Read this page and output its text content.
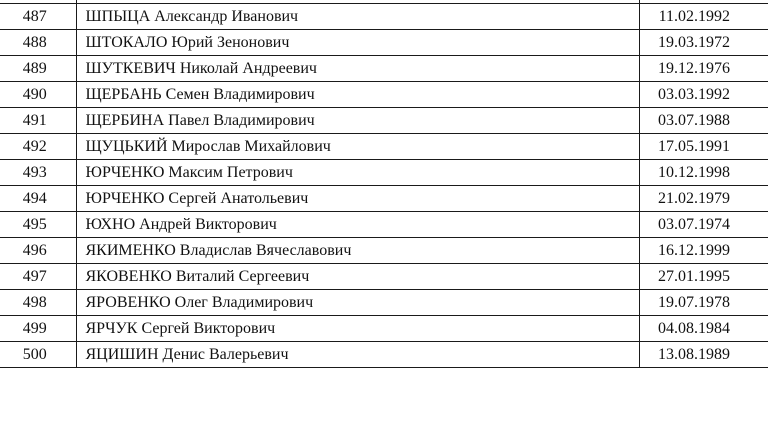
487	ШПЫЦА Александр Иванович	11.02.1992
488	ШТОКАЛО Юрий Зенонович	19.03.1972
489	ШУТКЕВИЧ Николай Андреевич	19.12.1976
490	ЩЕРБАНЬ Семен Владимирович	03.03.1992
491	ЩЕРБИНА Павел Владимирович	03.07.1988
492	ЩУЦЬКИЙ Мирослав Михайлович	17.05.1991
493	ЮРЧЕНКО Максим Петрович	10.12.1998
494	ЮРЧЕНКО Сергей Анатольевич	21.02.1979
495	ЮХНО Андрей Викторович	03.07.1974
496	ЯКИМЕНКО Владислав Вячеславович	16.12.1999
497	ЯКОВЕНКО Виталий Сергеевич	27.01.1995
498	ЯРОВЕНКО Олег Владимирович	19.07.1978
499	ЯРЧУК Сергей Викторович	04.08.1984
500	ЯЦИШИН Денис Валерьевич	13.08.1989
